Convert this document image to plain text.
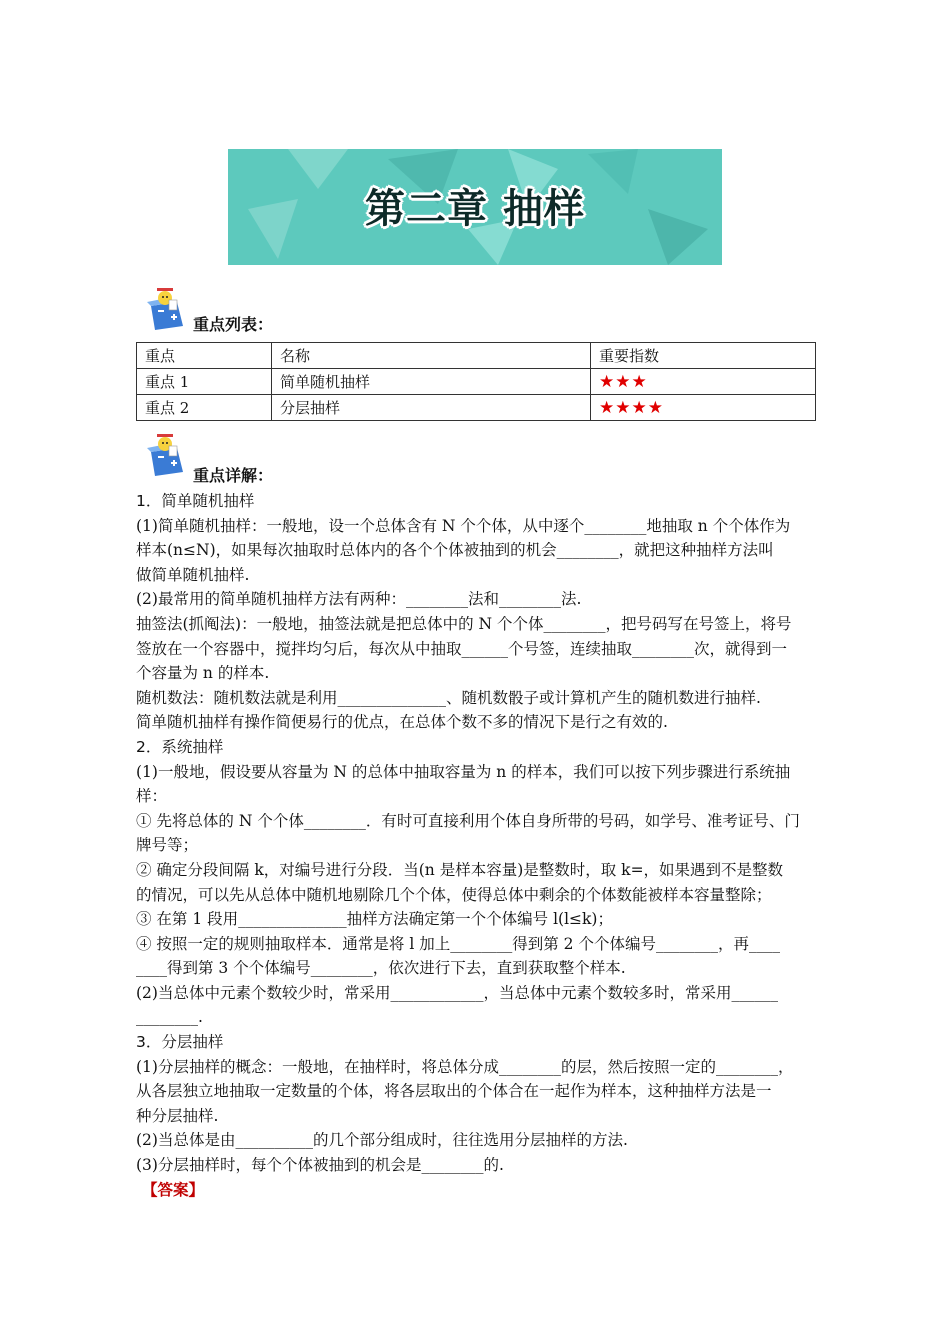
第二章 抽样
重点列表：
重点	名称	重要指数
重点 1	简单随机抽样	★★★
重点 2	分层抽样	★★★★
重点详解：

1．简单随机抽样

(1)简单随机抽样：一般地，设一个总体含有 N 个个体，从中逐个________地抽取 n 个个体作为

样本(n≤N)，如果每次抽取时总体内的各个个体被抽到的机会________，就把这种抽样方法叫

做简单随机抽样.

(2)最常用的简单随机抽样方法有两种：________法和________法.

抽签法(抓阄法)：一般地，抽签法就是把总体中的 N 个个体________，把号码写在号签上，将号

签放在一个容器中，搅拌均匀后，每次从中抽取______个号签，连续抽取________次，就得到一

个容量为 n 的样本.

随机数法：随机数法就是利用______________、随机数骰子或计算机产生的随机数进行抽样.

简单随机抽样有操作简便易行的优点，在总体个数不多的情况下是行之有效的.

2．系统抽样

(1)一般地，假设要从容量为 N 的总体中抽取容量为 n 的样本，我们可以按下列步骤进行系统抽

样：

① 先将总体的 N 个个体________．有时可直接利用个体自身所带的号码，如学号、准考证号、门

牌号等；

② 确定分段间隔 k，对编号进行分段．当(n 是样本容量)是整数时，取 k=，如果遇到不是整数

的情况，可以先从总体中随机地剔除几个个体，使得总体中剩余的个体数能被样本容量整除；

③ 在第 1 段用______________抽样方法确定第一个个体编号 l(l≤k)；

④ 按照一定的规则抽取样本．通常是将 l 加上________得到第 2 个个体编号________，再____

____得到第 3 个个体编号________，依次进行下去，直到获取整个样本.

(2)当总体中元素个数较少时，常采用____________，当总体中元素个数较多时，常采用______

________.

3．分层抽样

(1)分层抽样的概念：一般地，在抽样时，将总体分成________的层，然后按照一定的________，

从各层独立地抽取一定数量的个体，将各层取出的个体合在一起作为样本，这种抽样方法是一

种分层抽样.

(2)当总体是由__________的几个部分组成时，往往选用分层抽样的方法.

(3)分层抽样时，每个个体被抽到的机会是________的.

【答案】
